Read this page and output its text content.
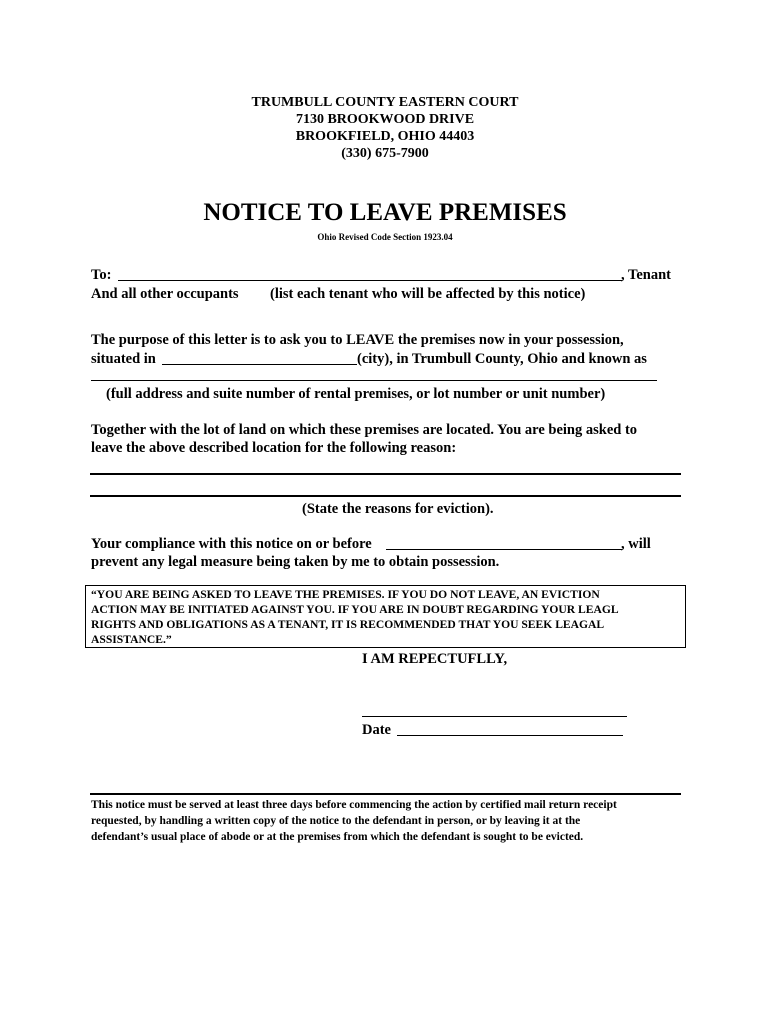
TRUMBULL COUNTY EASTERN COURT
7130 BROOKWOOD DRIVE
BROOKFIELD, OHIO 44403
(330) 675-7900
NOTICE TO LEAVE PREMISES
Ohio Revised Code Section 1923.04
To:	, Tenant
And all other occupants (list each tenant who will be affected by this notice)
The purpose of this letter is to ask you to LEAVE the premises now in your possession,
situated in	(city), in Trumbull County, Ohio and known as
(full address and suite number of rental premises, or lot number or unit number)
Together with the lot of land on which these premises are located. You are being asked to
leave the above described location for the following reason:
(State the reasons for eviction).
Your compliance with this notice on or before	, will
prevent any legal measure being taken by me to obtain possession.
“YOU ARE BEING ASKED TO LEAVE THE PREMISES. IF YOU DO NOT LEAVE, AN EVICTION
ACTION MAY BE INITIATED AGAINST YOU. IF YOU ARE IN DOUBT REGARDING YOUR LEAGL
RIGHTS AND OBLIGATIONS AS A TENANT, IT IS RECOMMENDED THAT YOU SEEK LEAGAL
ASSISTANCE.”
I AM REPECTUFLLY,
Date
This notice must be served at least three days before commencing the action by certified mail return receipt
requested, by handling a written copy of the notice to the defendant in person, or by leaving it at the
defendant’s usual place of abode or at the premises from which the defendant is sought to be evicted.
